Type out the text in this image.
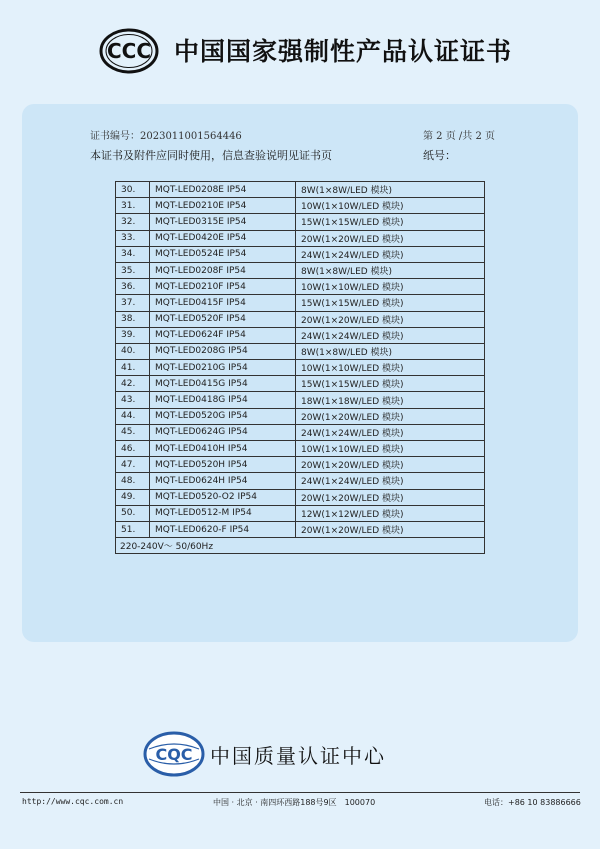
CCC 中国国家强制性产品认证证书
证书编号：2023011001564446	第 2 页 /共 2 页
本证书及附件应同时使用，信息查验说明见证书页	纸号：
30.	MQT-LED0208E IP54	8W(1×8W/LED 模块)
31.	MQT-LED0210E IP54	10W(1×10W/LED 模块)
32.	MQT-LED0315E IP54	15W(1×15W/LED 模块)
33.	MQT-LED0420E IP54	20W(1×20W/LED 模块)
34.	MQT-LED0524E IP54	24W(1×24W/LED 模块)
35.	MQT-LED0208F IP54	8W(1×8W/LED 模块)
36.	MQT-LED0210F IP54	10W(1×10W/LED 模块)
37.	MQT-LED0415F IP54	15W(1×15W/LED 模块)
38.	MQT-LED0520F IP54	20W(1×20W/LED 模块)
39.	MQT-LED0624F IP54	24W(1×24W/LED 模块)
40.	MQT-LED0208G IP54	8W(1×8W/LED 模块)
41.	MQT-LED0210G IP54	10W(1×10W/LED 模块)
42.	MQT-LED0415G IP54	15W(1×15W/LED 模块)
43.	MQT-LED0418G IP54	18W(1×18W/LED 模块)
44.	MQT-LED0520G IP54	20W(1×20W/LED 模块)
45.	MQT-LED0624G IP54	24W(1×24W/LED 模块)
46.	MQT-LED0410H IP54	10W(1×10W/LED 模块)
47.	MQT-LED0520H IP54	20W(1×20W/LED 模块)
48.	MQT-LED0624H IP54	24W(1×24W/LED 模块)
49.	MQT-LED0520-O2 IP54	20W(1×20W/LED 模块)
50.	MQT-LED0512-M IP54	12W(1×12W/LED 模块)
51.	MQT-LED0620-F IP54	20W(1×20W/LED 模块)
220-240V～ 50/60Hz		
CQC 中国质量认证中心
http://www.cqc.com.cn	中国 · 北京 · 南四环西路188号9区　100070	电话：+86 10 83886666
